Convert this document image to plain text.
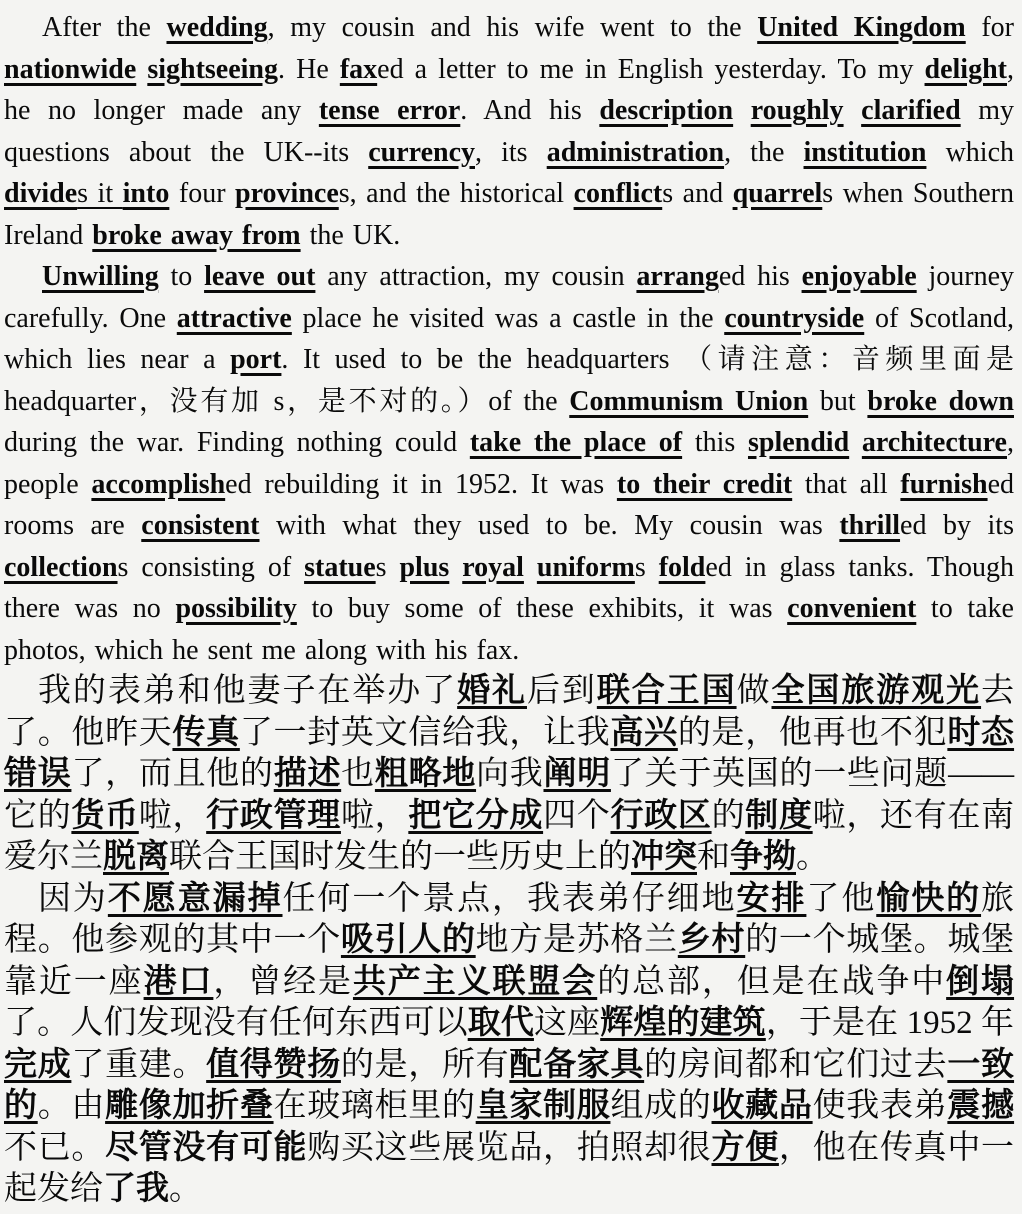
After the wedding, my cousin and his wife went to the United Kingdom for nationwide sightseeing. He faxed a letter to me in English yesterday. To my delight, he no longer made any tense error. And his description roughly clarified my questions about the UK--its currency, its administration, the institution which divides it into four provinces, and the historical conflicts and quarrels when Southern Ireland broke away from the UK.

Unwilling to leave out any attraction, my cousin arranged his enjoyable journey carefully. One attractive place he visited was a castle in the countryside of Scotland, which lies near a port. It used to be the headquarters （请注意：音频里面是 headquarter，没有加 s，是不对的。）of the Communism Union but broke down during the war. Finding nothing could take the place of this splendid architecture, people accomplished rebuilding it in 1952. It was to their credit that all furnished rooms are consistent with what they used to be. My cousin was thrilled by its collections consisting of statues plus royal uniforms folded in glass tanks. Though there was no possibility to buy some of these exhibits, it was convenient to take photos, which he sent me along with his fax.

我的表弟和他妻子在举办了婚礼后到联合王国做全国旅游观光去了。他昨天传真了一封英文信给我，让我高兴的是，他再也不犯时态错误了，而且他的描述也粗略地向我阐明了关于英国的一些问题——它的货币啦，行政管理啦，把它分成四个行政区的制度啦，还有在南爱尔兰脱离联合王国时发生的一些历史上的冲突和争拗。

因为不愿意漏掉任何一个景点，我表弟仔细地安排了他愉快的旅程。他参观的其中一个吸引人的地方是苏格兰乡村的一个城堡。城堡靠近一座港口，曾经是共产主义联盟会的总部，但是在战争中倒塌了。人们发现没有任何东西可以取代这座辉煌的建筑，于是在 1952 年完成了重建。值得赞扬的是，所有配备家具的房间都和它们过去一致的。由雕像加折叠在玻璃柜里的皇家制服组成的收藏品使我表弟震撼不已。尽管没有可能购买这些展览品，拍照却很方便，他在传真中一起发给了我。
